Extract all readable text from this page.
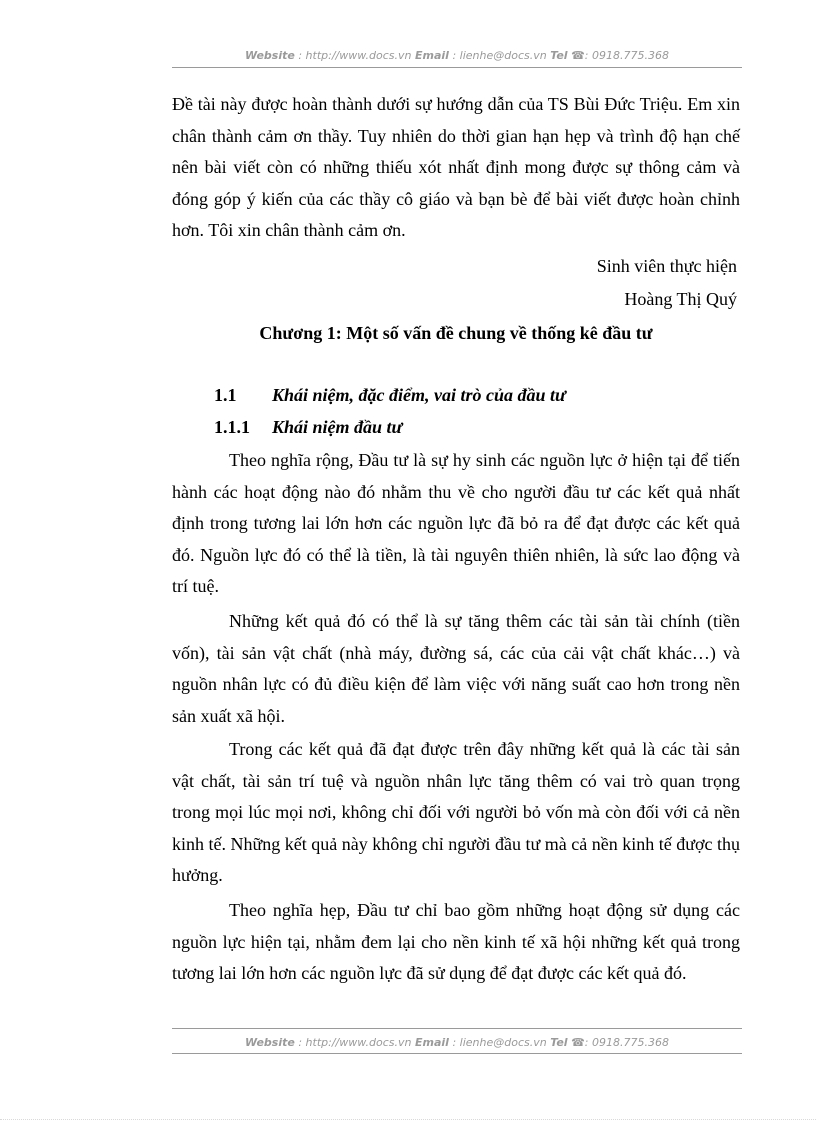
Website : http://www.docs.vn Email : lienhe@docs.vn Tel ☎: 0918.775.368

Đề tài này được hoàn thành dưới sự hướng dẫn của TS Bùi Đức Triệu. Em xin chân thành cảm ơn thầy. Tuy nhiên do thời gian hạn hẹp và trình độ hạn chế nên bài viết còn có những thiếu xót nhất định mong được sự thông cảm và đóng góp ý kiến của các thầy cô giáo và bạn bè để bài viết được hoàn chỉnh hơn. Tôi xin chân thành cảm ơn.

Sinh viên thực hiện
Hoàng Thị Quý
Chương 1: Một số vấn đề chung về thống kê đầu tư
1.1 Khái niệm, đặc điểm, vai trò của đầu tư
1.1.1 Khái niệm đầu tư

Theo nghĩa rộng, Đầu tư là sự hy sinh các nguồn lực ở hiện tại để tiến hành các hoạt động nào đó nhằm thu về cho người đầu tư các kết quả nhất định trong tương lai lớn hơn các nguồn lực đã bỏ ra để đạt được các kết quả đó. Nguồn lực đó có thể là tiền, là tài nguyên thiên nhiên, là sức lao động và trí tuệ.

Những kết quả đó có thể là sự tăng thêm các tài sản tài chính (tiền vốn), tài sản vật chất (nhà máy, đường sá, các của cải vật chất khác…) và nguồn nhân lực có đủ điều kiện để làm việc với năng suất cao hơn trong nền sản xuất xã hội.

Trong các kết quả đã đạt được trên đây những kết quả là các tài sản vật chất, tài sản trí tuệ và nguồn nhân lực tăng thêm có vai trò quan trọng trong mọi lúc mọi nơi, không chỉ đối với người bỏ vốn mà còn đối với cả nền kinh tế. Những kết quả này không chỉ người đầu tư mà cả nền kinh tế được thụ hưởng.

Theo nghĩa hẹp, Đầu tư chỉ bao gồm những hoạt động sử dụng các nguồn lực hiện tại, nhằm đem lại cho nền kinh tế xã hội những kết quả trong tương lai lớn hơn các nguồn lực đã sử dụng để đạt được các kết quả đó.

Website : http://www.docs.vn Email : lienhe@docs.vn Tel ☎: 0918.775.368
